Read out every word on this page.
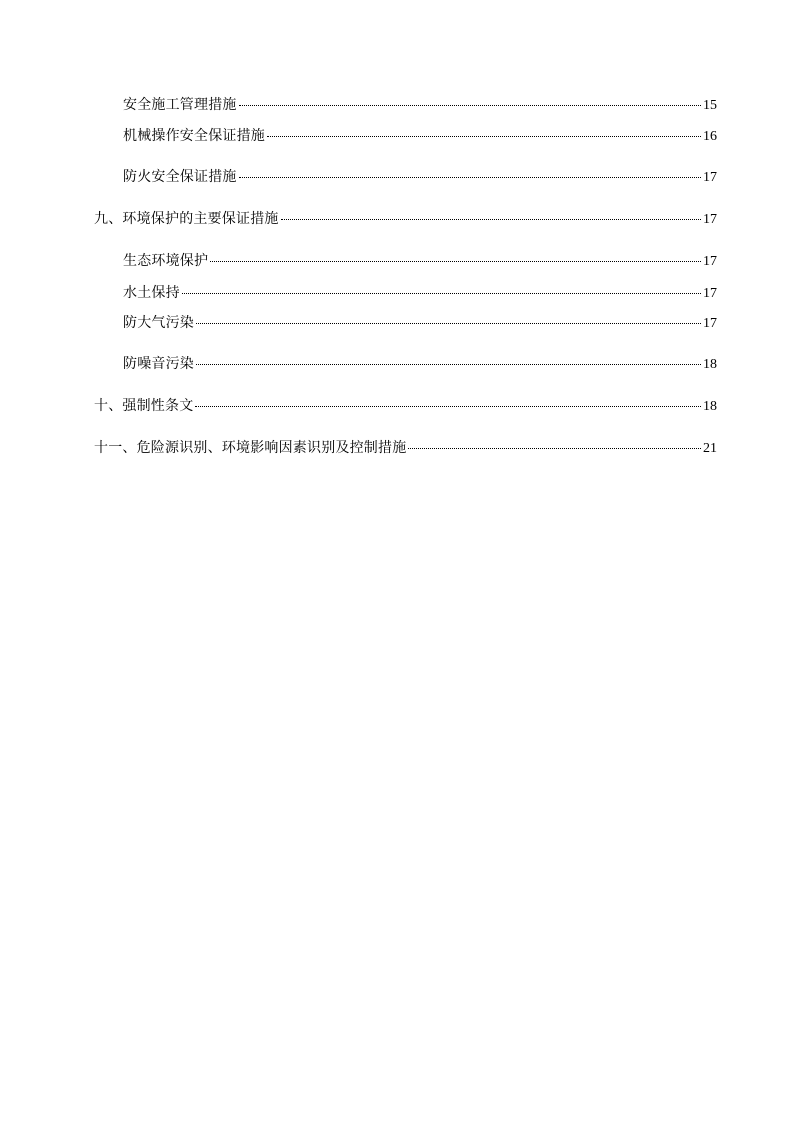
安全施工管理措施	15
机械操作安全保证措施	16
防火安全保证措施	17
九、环境保护的主要保证措施	17
生态环境保护	17
水土保持	17
防大气污染	17
防噪音污染	18
十、强制性条文	18
十一、危险源识别、环境影响因素识别及控制措施	21
